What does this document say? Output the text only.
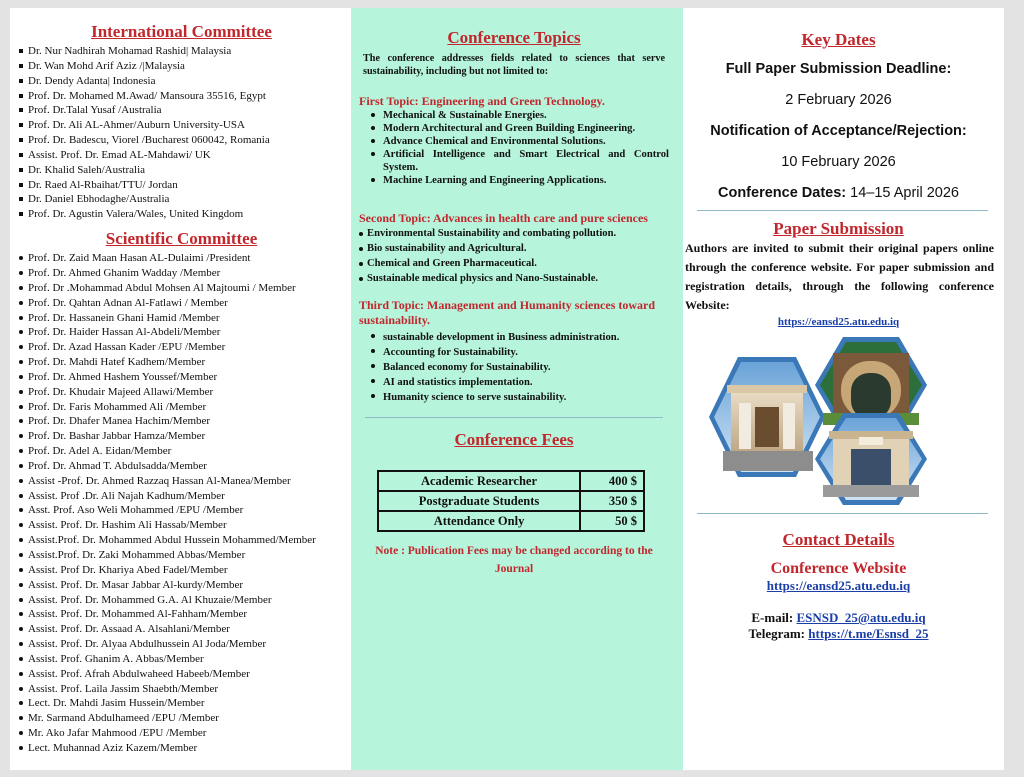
International Committee
Dr. Nur Nadhirah Mohamad Rashid| Malaysia
Dr. Wan Mohd Arif Aziz /|Malaysia
Dr. Dendy Adanta| Indonesia
Prof. Dr. Mohamed M.Awad/ Mansoura 35516, Egypt
Prof. Dr.Talal Yusaf /Australia
Prof. Dr. Ali AL-Ahmer/Auburn University-USA
Prof. Dr. Badescu, Viorel /Bucharest 060042, Romania
Assist. Prof. Dr. Emad AL-Mahdawi/ UK
Dr. Khalid Saleh/Australia
Dr. Raed Al-Rbaihat/TTU/ Jordan
Dr. Daniel Ebhodaghe/Australia
Prof. Dr. Agustin Valera/Wales, United Kingdom
Scientific Committee
Prof. Dr. Zaid Maan Hasan AL-Dulaimi /President
Prof. Dr. Ahmed Ghanim Wadday /Member
Prof. Dr .Mohammad Abdul Mohsen Al Majtoumi / Member
Prof. Dr. Qahtan Adnan Al-Fatlawi / Member
Prof. Dr. Hassanein Ghani Hamid /Member
Prof. Dr. Haider Hassan Al-Abdeli/Member
Prof. Dr. Azad Hassan Kader /EPU /Member
Prof. Dr. Mahdi Hatef Kadhem/Member
Prof. Dr. Ahmed Hashem Youssef/Member
Prof. Dr. Khudair Majeed Allawi/Member
Prof. Dr. Faris Mohammed Ali /Member
Prof. Dr. Dhafer Manea Hachim/Member
Prof. Dr. Bashar Jabbar Hamza/Member
Prof. Dr. Adel A. Eidan/Member
Prof. Dr. Ahmad T. Abdulsadda/Member
Assist -Prof. Dr. Ahmed Razzaq Hassan Al-Manea/Member
Assist. Prof .Dr. Ali Najah Kadhum/Member
Asst. Prof. Aso Weli Mohammed /EPU /Member
Assist. Prof. Dr. Hashim Ali Hassab/Member
Assist.Prof. Dr. Mohammed Abdul Hussein Mohammed/Member
Assist.Prof. Dr. Zaki Mohammed Abbas/Member
Assist. Prof Dr. Khariya Abed Fadel/Member
Assist. Prof. Dr. Masar Jabbar Al-kurdy/Member
Assist. Prof. Dr. Mohammed G.A. Al Khuzaie/Member
Assist. Prof. Dr. Mohammed Al-Fahham/Member
Assist. Prof. Dr. Assaad A. Alsahlani/Member
Assist. Prof. Dr. Alyaa Abdulhussein Al Joda/Member
Assist. Prof. Ghanim A. Abbas/Member
Assist. Prof. Afrah Abdulwaheed Habeeb/Member
Assist. Prof. Laila Jassim Shaebth/Member
Lect. Dr. Mahdi Jasim Hussein/Member
Mr. Sarmand Abdulhameed /EPU /Member
Mr. Ako Jafar Mahmood /EPU /Member
Lect. Muhannad Aziz Kazem/Member
Conference Topics

The conference addresses fields related to sciences that serve sustainability, including but not limited to:

First Topic: Engineering and Green Technology.
Mechanical & Sustainable Energies.
Modern Architectural and Green Building Engineering.
Advance Chemical and Environmental Solutions.
Artificial Intelligence and Smart Electrical and Control System.
Machine Learning and Engineering Applications.
Second Topic: Advances in health care and pure sciences
Environmental Sustainability and combating pollution.
Bio sustainability and Agricultural.
Chemical and Green Pharmaceutical.
Sustainable medical physics and Nano-Sustainable.
Third Topic: Management and Humanity sciences toward sustainability.
sustainable development in Business administration.
Accounting for Sustainability.
Balanced economy for Sustainability.
AI and statistics implementation.
Humanity science to serve sustainability.
Conference Fees
Academic Researcher	400 $
Postgraduate Students	350 $
Attendance Only	50 $

Note : Publication Fees may be changed according to the Journal

Key Dates
Full Paper Submission Deadline:
2 February 2026
Notification of Acceptance/Rejection:
10 February 2026
Conference Dates: 14–15 April 2026
Paper Submission

Authors are invited to submit their original papers online through the conference website. For paper submission and registration details, through the following conference Website:

https://eansd25.atu.edu.iq
Contact Details
Conference Website
https://eansd25.atu.edu.iq
E-mail: ESNSD_25@atu.edu.iq
Telegram: https://t.me/Esnsd_25
